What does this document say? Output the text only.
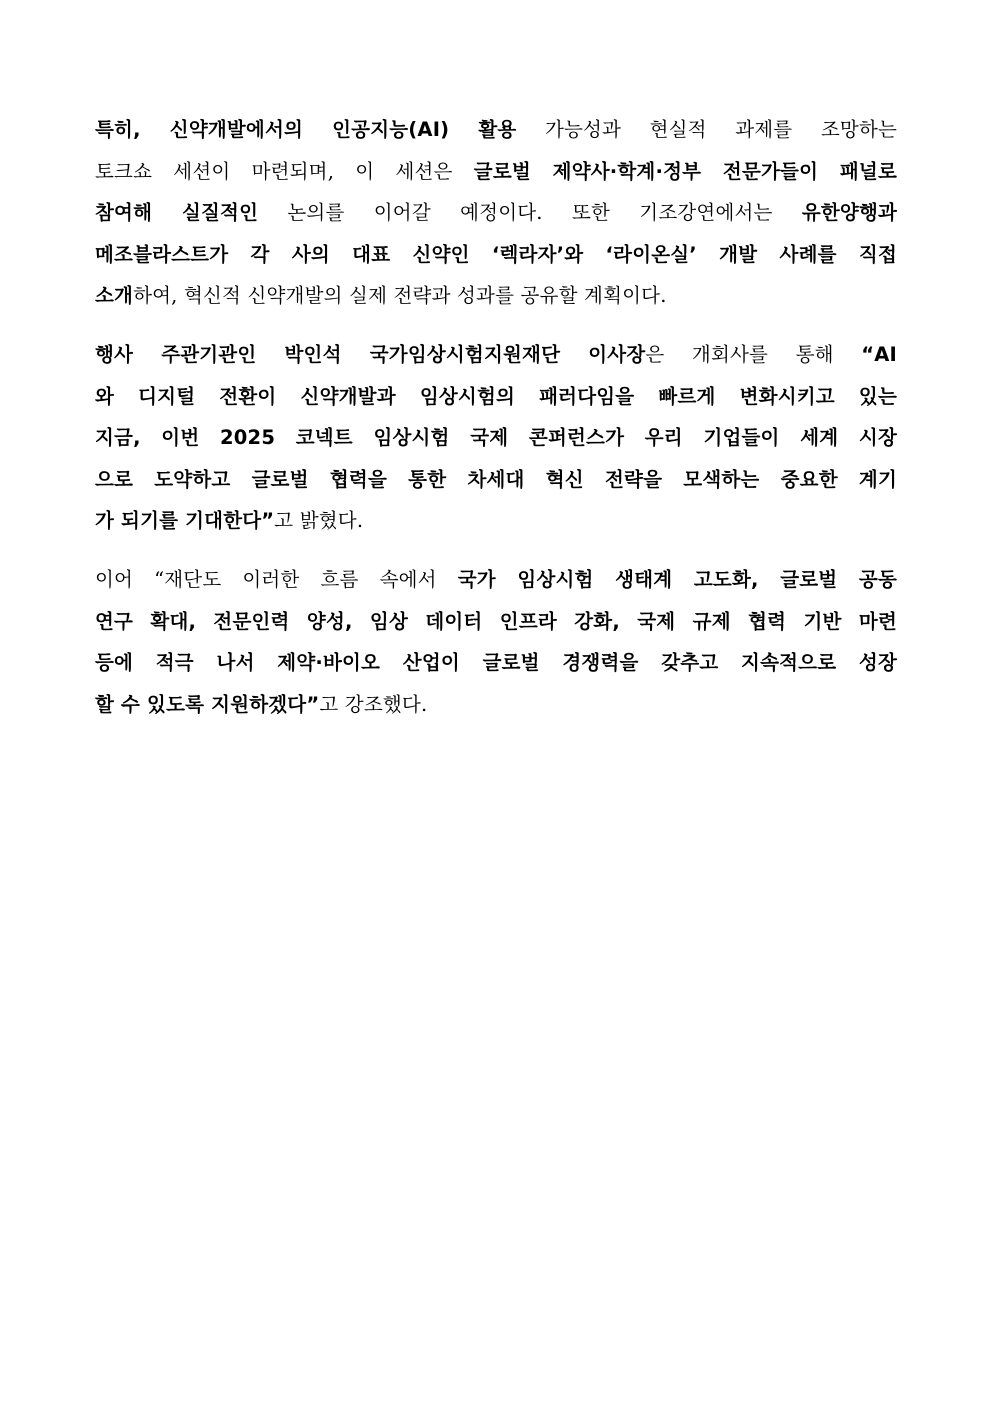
특히, 신약개발에서의 인공지능(AI) 활용 가능성과 현실적 과제를 조망하는
토크쇼 세션이 마련되며, 이 세션은 글로벌 제약사·학계·정부 전문가들이 패널로
참여해 실질적인 논의를 이어갈 예정이다. 또한 기조강연에서는 유한양행과
메조블라스트가 각 사의 대표 신약인 ‘렉라자’와 ‘라이온실’ 개발 사례를 직접
소개하여, 혁신적 신약개발의 실제 전략과 성과를 공유할 계획이다.
행사 주관기관인 박인석 국가임상시험지원재단 이사장은 개회사를 통해 “AI
와 디지털 전환이 신약개발과 임상시험의 패러다임을 빠르게 변화시키고 있는
지금, 이번 2025 코넥트 임상시험 국제 콘퍼런스가 우리 기업들이 세계 시장
으로 도약하고 글로벌 협력을 통한 차세대 혁신 전략을 모색하는 중요한 계기
가 되기를 기대한다”고 밝혔다.
이어 “재단도 이러한 흐름 속에서 국가 임상시험 생태계 고도화, 글로벌 공동
연구 확대, 전문인력 양성, 임상 데이터 인프라 강화, 국제 규제 협력 기반 마련
등에 적극 나서 제약·바이오 산업이 글로벌 경쟁력을 갖추고 지속적으로 성장
할 수 있도록 지원하겠다”고 강조했다.
